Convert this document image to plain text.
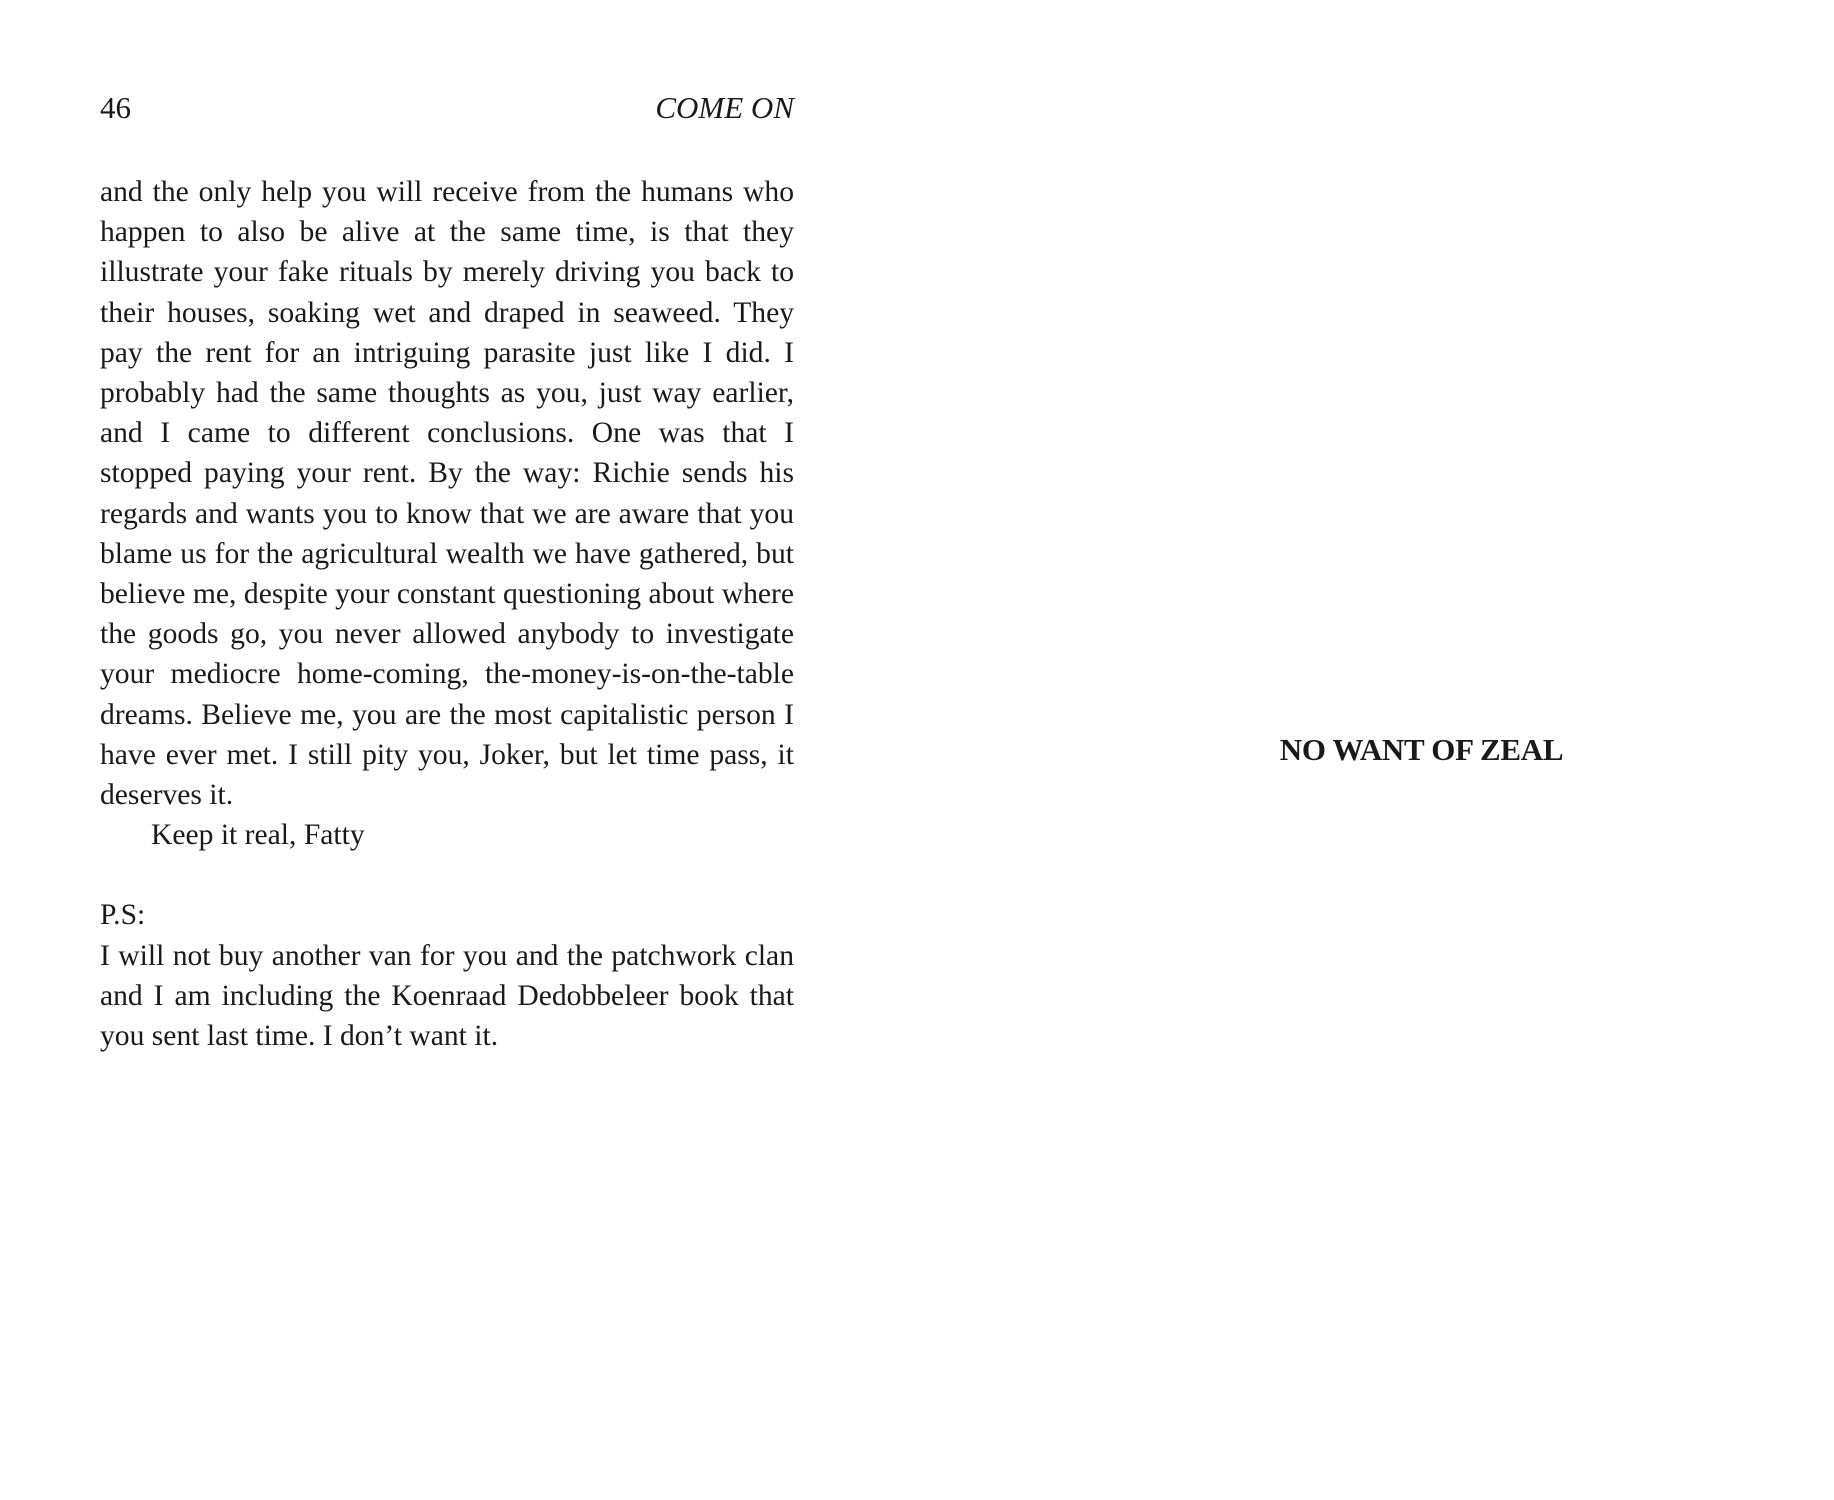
46	COME ON

and the only help you will receive from the humans who happen to also be alive at the same time, is that they illustrate your fake rituals by merely driving you back to their houses, soaking wet and draped in seaweed. They pay the rent for an intriguing parasite just like I did. I probably had the same thoughts as you, just way earlier, and I came to different conclusions. One was that I stopped paying your rent. By the way: Richie sends his regards and wants you to know that we are aware that you blame us for the agricultural wealth we have gathered, but believe me, despite your constant questioning about where the goods go, you never allowed anybody to investigate your mediocre home-coming, the-money-is-on-the-table dreams. Believe me, you are the most capitalistic person I have ever met. I still pity you, Joker, but let time pass, it deserves it.

Keep it real, Fatty

P.S:

I will not buy another van for you and the patchwork clan and I am including the Koenraad Dedobbeleer book that you sent last time. I don’t want it.

NO WANT OF ZEAL
